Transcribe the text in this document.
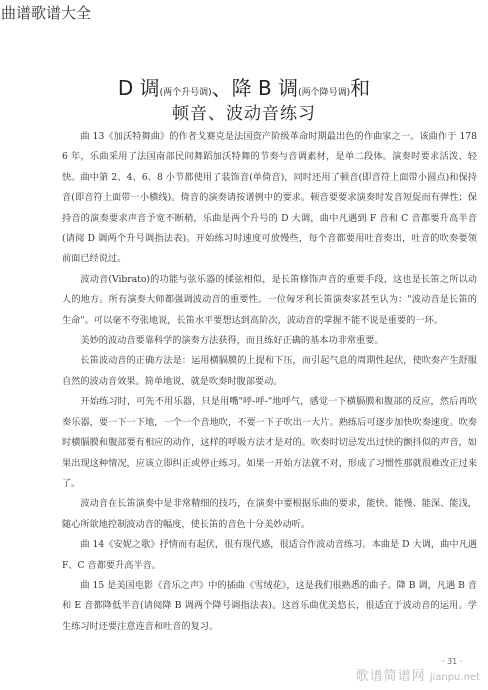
曲谱歌谱大全
D 调(两个升号调)、降 B 调(两个降号调)和
顿音、波动音练习

曲 13《加沃特舞曲》的作者戈赛克是法国资产阶级革命时期最出色的作曲家之一。该曲作于 1786 年，乐曲采用了法国南部民间舞蹈加沃特舞的节奏与音调素材，是单二段体。演奏时要求活泼、轻快。曲中第 2、4、6、8 小节都使用了装饰音(单倚音)，同时还用了顿音(即音符上面带小圆点)和保持音(即音符上面带一小横线)。倚音的演奏请按谱例中的要求。顿音要要求演奏时发音短促而有弹性；保持音的演奏要求声音予宽不断稍，乐曲是两个升号的 D 大调，曲中凡遇到 F 音和 C 音都要升高半音(请阅 D 调两个升号调指法表)。开始练习时速度可放慢些，每个音都要用吐音奏出，吐音的吹奏要领前面已经说过。

波动音(Vibrato)的功能与弦乐器的揉弦相似，是长笛修饰声音的重要手段，这也是长笛之所以动人的地方。所有演奏大师都强调波动音的重要性。一位匈牙利长笛演奏家甚至认为："波动音是长笛的生命"。可以毫不夸张地说，长笛水平要想达到高阶次，波动音的掌握不能不说是重要的一环。

美妙的波动音要靠科学的演奏方法获得，而且练好正确的基本功非常重要。

长笛波动音的正确方法是：运用横膈膜的上提和下压，而引起气息的周期性起伏，使吹奏产生舒服自然的波动音效果。简单地说，就是吹奏时腹部要动。

开始练习时，可先不用乐器，只是用嘴"呼-呼-"地呼气，感觉一下横膈膜和腹部的反应，然后再吹奏乐器，要一下一下地，一个一个音地吹，不要一下子吹出一大片。熟练后可逐步加快吹奏速度。吹奏时横膈膜和腹部要有相应的动作，这样的呼吸方法才是对的。吹奏时切忌发出过快的颤抖似的声音，如果出现这种情况，应该立即纠正或停止练习。如果一开始方法就不对，形成了习惯性那就很难改正过来了。

波动音在长笛演奏中是非常精细的技巧，在演奏中要根据乐曲的要求，能快、能慢、能深、能浅，随心所欲地控制波动音的幅度，使长笛的音色十分美妙动听。

曲 14《安妮之歌》抒情而有起伏，很有现代感，很适合作波动音练习。本曲是 D 大调，曲中凡遇 F、C 音都要升高半音。

曲 15 是美国电影《音乐之声》中的插曲《雪绒花》，这是我们很熟悉的曲子。降 B 调，凡遇 B 音和 E 音都降低半音(请阅降 B 调两个降号调指法表)。这首乐曲优美悠长，很适宜于波动音的运用。学生练习时还要注意连音和吐音的复习。

· 31 ·
歌谱简谱网 jianpu.net
